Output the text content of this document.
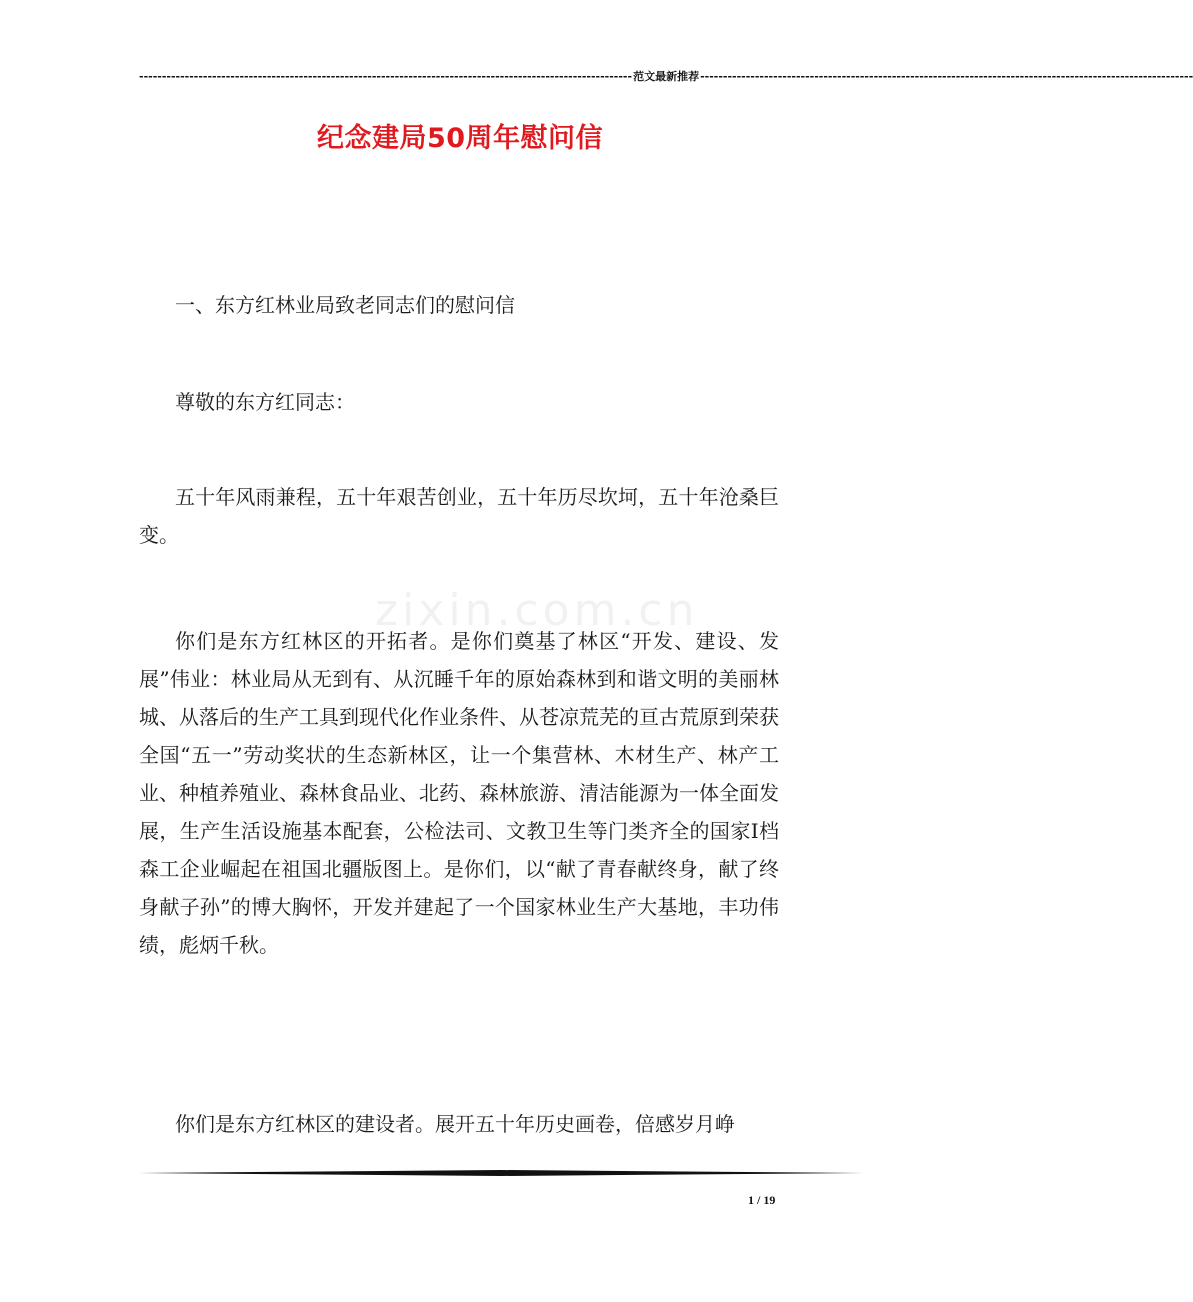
------------------------------------------------------------------------------------------------------------ 范文最新推荐 ------------------------------------------------------------------------------------------------------------
纪念建局50周年慰问信
zixin.com.cn

一、东方红林业局致老同志们的慰问信

尊敬的东方红同志：

五十年风雨兼程，五十年艰苦创业，五十年历尽坎坷，五十年沧桑巨变。

你们是东方红林区的开拓者。是你们奠基了林区“开发、建设、发展”伟业：林业局从无到有、从沉睡千年的原始森林到和谐文明的美丽林城、从落后的生产工具到现代化作业条件、从苍凉荒芜的亘古荒原到荣获全国“五一”劳动奖状的生态新林区，让一个集营林、木材生产、林产工业、种植养殖业、森林食品业、北药、森林旅游、清洁能源为一体全面发展，生产生活设施基本配套，公检法司、文教卫生等门类齐全的国家Ⅰ档森工企业崛起在祖国北疆版图上。是你们，以“献了青春献终身，献了终身献子孙”的博大胸怀，开发并建起了一个国家林业生产大基地，丰功伟绩，彪炳千秋。

你们是东方红林区的建设者。展开五十年历史画卷，倍感岁月峥

1 / 19
